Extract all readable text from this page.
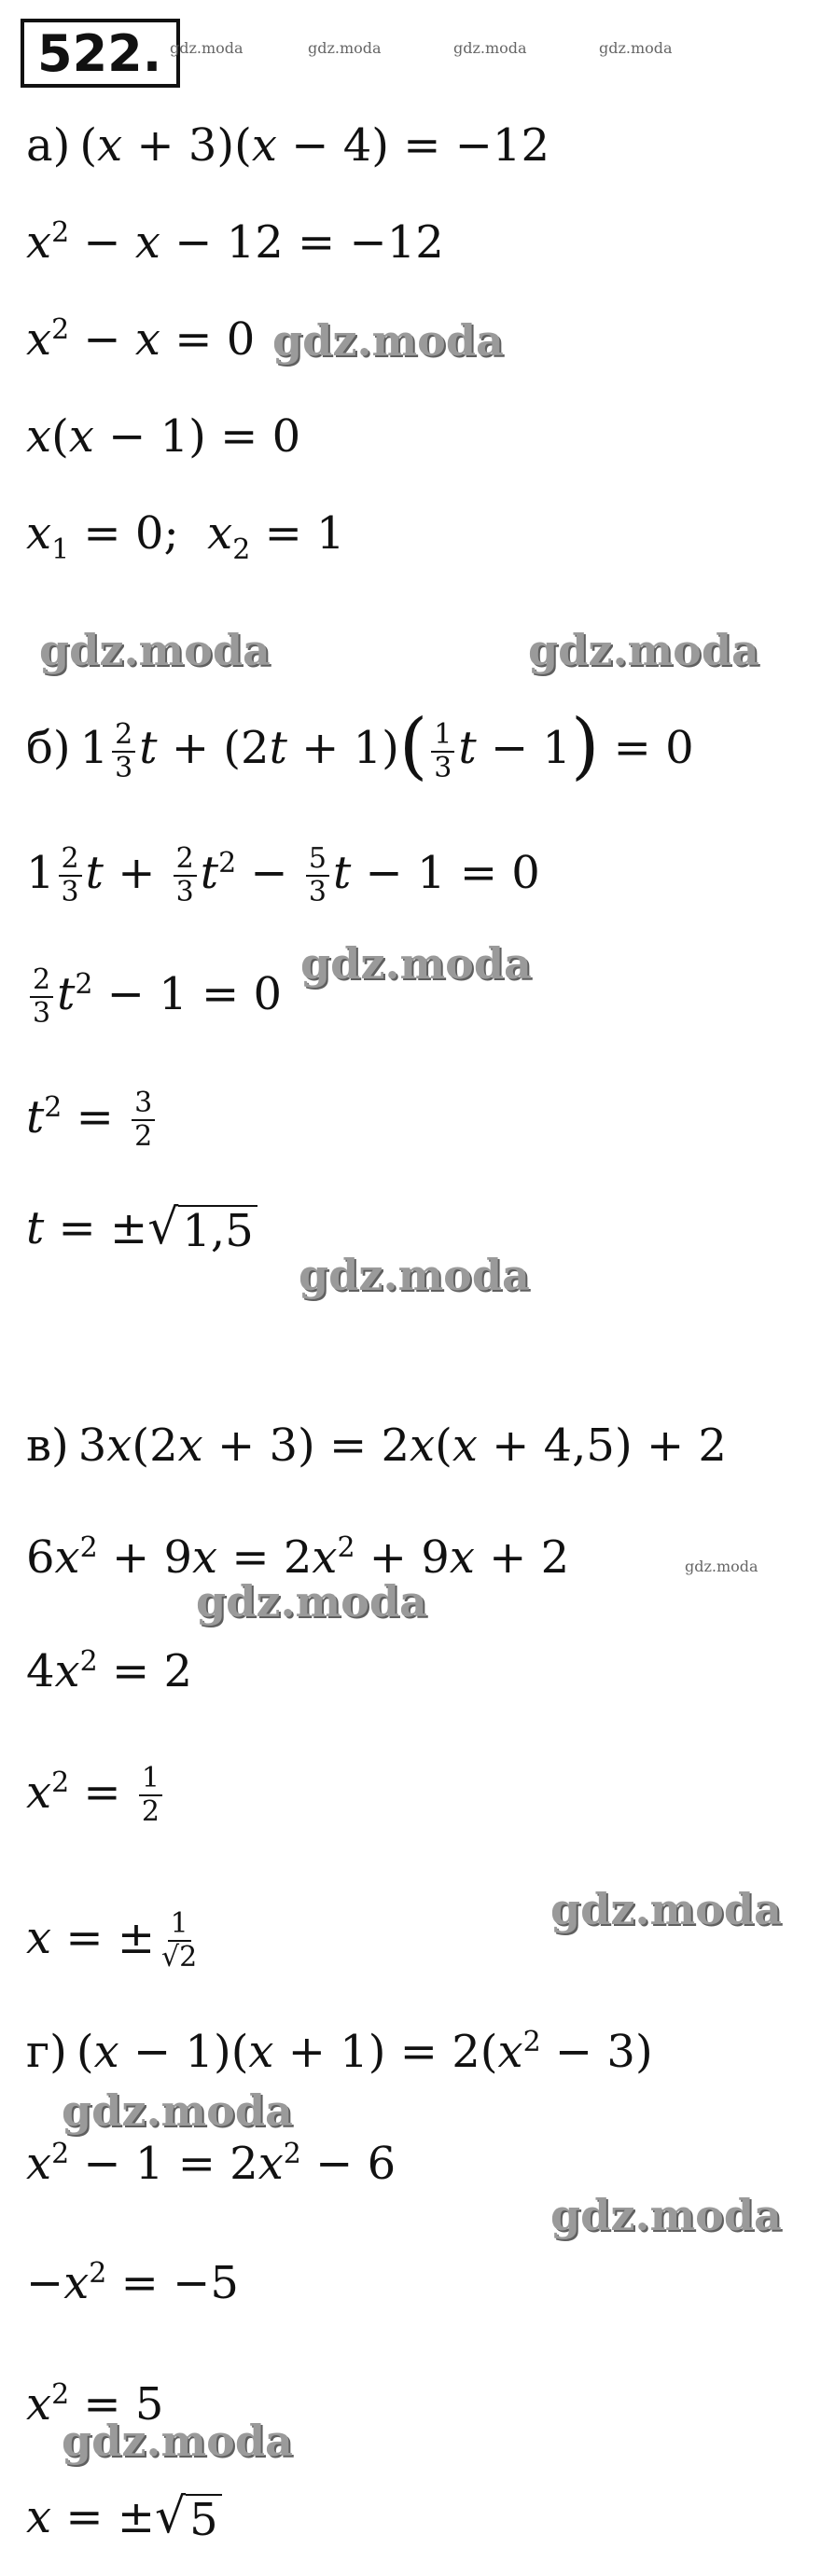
522. gdz.moda	gdz.moda	gdz.moda	gdz.moda
а) (x + 3)(x − 4) = −12
$x^2 - x - 12 = -12$
$x^2 - x = 0$ gdz.moda
x(x − 1) = 0
$x_1 = 0$;  $x_2 = 1$
gdz.moda	gdz.moda
б) $1 \frac{2}{3}$ $t + (2t + 1)( \frac{1}{3}$ t − 1) = 0
$1 \frac{2}{3}$ $t + \frac{2}{3} t^2 - \frac{5}{3}$ t − 1 = 0
$\frac{2}{3} t^2 - 1 = 0$
gdz.moda
$t^2 = \frac{3}{2}$
t = ± √ 1,5
gdz.moda
в) 3x(2x + 3) = 2x(x + 4,5) + 2
$6x^2 + 9x = 2x^2 + 9x + 2$	gdz.moda
gdz.moda
$4x^2 = 2$
$x^2 = \frac{1}{2}$
gdz.moda
x = ± $\frac{1}{√2}$
г) $(x - 1)(x + 1) = 2(x^2 - 3)$
gdz.moda
$x^2 - 1 = 2x^2 - 6$
gdz.moda
$-x^2 = -5$
$x^2 = 5$
gdz.moda
x = ± √ 5
